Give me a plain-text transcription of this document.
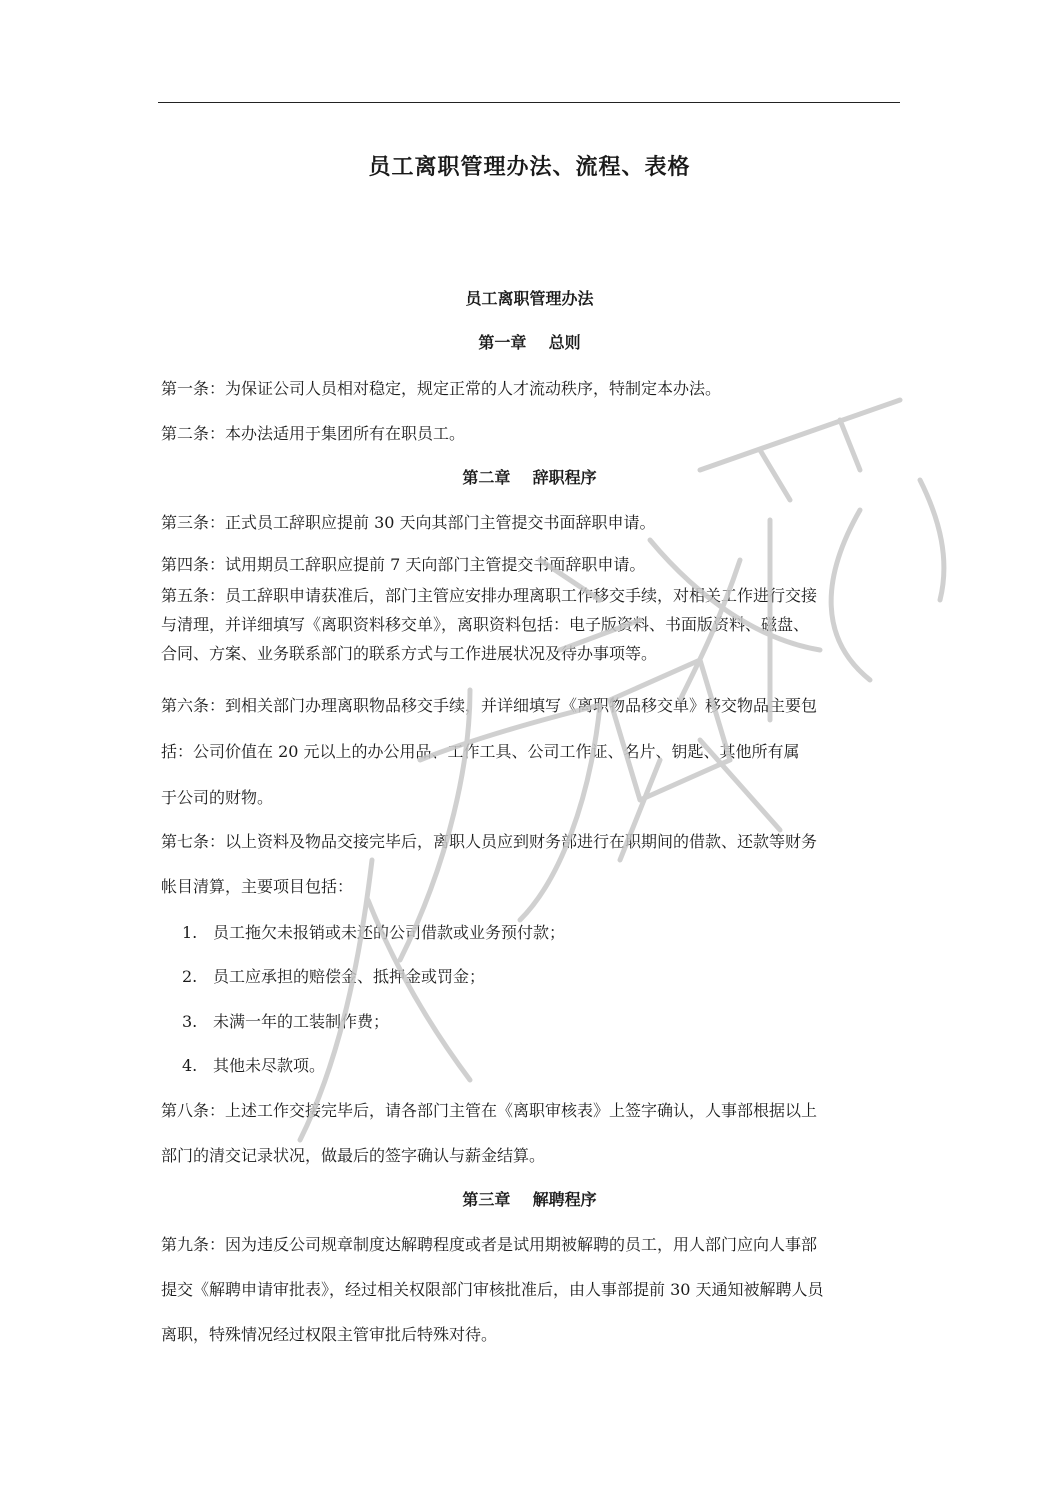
员工离职管理办法、流程、表格
员工离职管理办法
第一章    总则
第一条：为保证公司人员相对稳定，规定正常的人才流动秩序，特制定本办法。
第二条：本办法适用于集团所有在职员工。
第二章    辞职程序
第三条：正式员工辞职应提前 30 天向其部门主管提交书面辞职申请。
第四条：试用期员工辞职应提前 7 天向部门主管提交书面辞职申请。
第五条：员工辞职申请获准后，部门主管应安排办理离职工作移交手续，对相关工作进行交接
与清理，并详细填写《离职资料移交单》，离职资料包括：电子版资料、书面版资料、磁盘、
合同、方案、业务联系部门的联系方式与工作进展状况及待办事项等。
第六条：到相关部门办理离职物品移交手续，并详细填写《离职物品移交单》移交物品主要包
括：公司价值在 20 元以上的办公用品、工作工具、公司工作证、名片、钥匙、其他所有属
于公司的财物。
第七条：以上资料及物品交接完毕后，离职人员应到财务部进行在职期间的借款、还款等财务
帐目清算，主要项目包括：
1. 员工拖欠未报销或未还的公司借款或业务预付款；
2. 员工应承担的赔偿金、抵押金或罚金；
3. 未满一年的工装制作费；
4. 其他未尽款项。
第八条：上述工作交接完毕后，请各部门主管在《离职审核表》上签字确认，人事部根据以上
部门的清交记录状况，做最后的签字确认与薪金结算。
第三章    解聘程序
第九条：因为违反公司规章制度达解聘程度或者是试用期被解聘的员工，用人部门应向人事部
提交《解聘申请审批表》，经过相关权限部门审核批准后，由人事部提前 30 天通知被解聘人员
离职，特殊情况经过权限主管审批后特殊对待。
